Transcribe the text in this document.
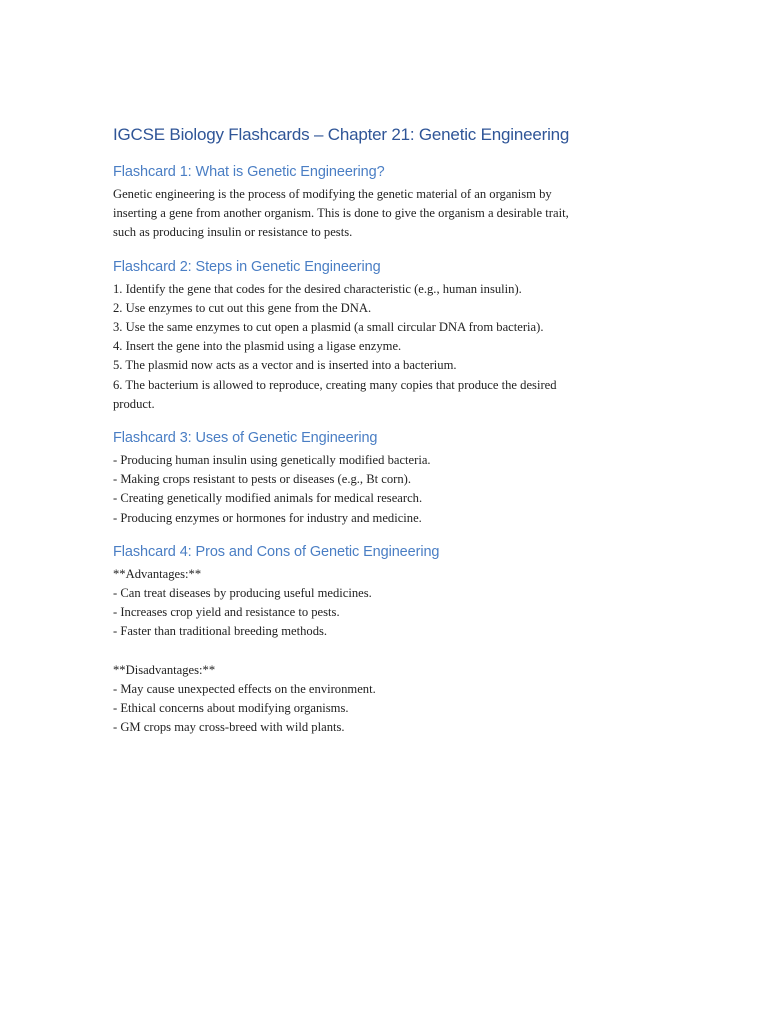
IGCSE Biology Flashcards – Chapter 21: Genetic Engineering
Flashcard 1: What is Genetic Engineering?
Genetic engineering is the process of modifying the genetic material of an organism by
inserting a gene from another organism. This is done to give the organism a desirable trait,
such as producing insulin or resistance to pests.
Flashcard 2: Steps in Genetic Engineering
1. Identify the gene that codes for the desired characteristic (e.g., human insulin).
2. Use enzymes to cut out this gene from the DNA.
3. Use the same enzymes to cut open a plasmid (a small circular DNA from bacteria).
4. Insert the gene into the plasmid using a ligase enzyme.
5. The plasmid now acts as a vector and is inserted into a bacterium.
6. The bacterium is allowed to reproduce, creating many copies that produce the desired
product.
Flashcard 3: Uses of Genetic Engineering
- Producing human insulin using genetically modified bacteria.
- Making crops resistant to pests or diseases (e.g., Bt corn).
- Creating genetically modified animals for medical research.
- Producing enzymes or hormones for industry and medicine.
Flashcard 4: Pros and Cons of Genetic Engineering
**Advantages:**
- Can treat diseases by producing useful medicines.
- Increases crop yield and resistance to pests.
- Faster than traditional breeding methods.
**Disadvantages:**
- May cause unexpected effects on the environment.
- Ethical concerns about modifying organisms.
- GM crops may cross-breed with wild plants.
